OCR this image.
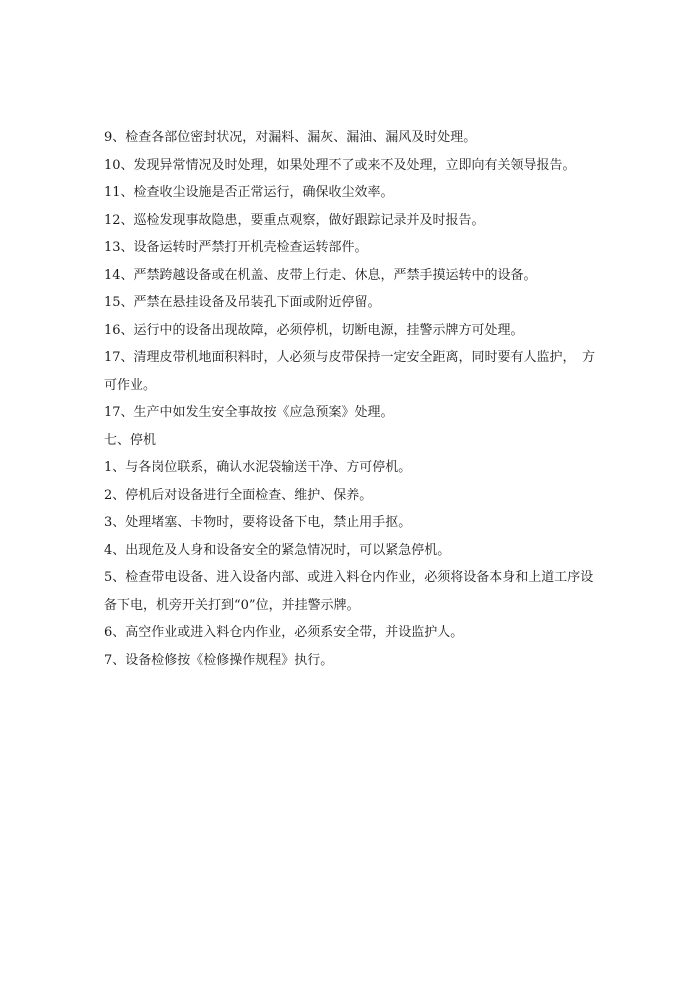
9、检查各部位密封状况，对漏料、漏灰、漏油、漏风及时处理。

10、发现异常情况及时处理，如果处理不了或来不及处理，立即向有关领导报告。

11、检查收尘设施是否正常运行，确保收尘效率。

12、巡检发现事故隐患，要重点观察，做好跟踪记录并及时报告。

13、设备运转时严禁打开机壳检查运转部件。

14、严禁跨越设备或在机盖、皮带上行走、休息，严禁手摸运转中的设备。

15、严禁在悬挂设备及吊装孔下面或附近停留。

16、运行中的设备出现故障，必须停机，切断电源，挂警示牌方可处理。

17、清理皮带机地面积料时，人必须与皮带保持一定安全距离，同时要有人监护，　方可作业。

17、生产中如发生安全事故按《应急预案》处理。

七、停机

1、与各岗位联系，确认水泥袋输送干净、方可停机。

2、停机后对设备进行全面检查、维护、保养。

3、处理堵塞、卡物时，要将设备下电，禁止用手抠。

4、出现危及人身和设备安全的紧急情况时，可以紧急停机。

5、检查带电设备、进入设备内部、或进入料仓内作业，必须将设备本身和上道工序设备下电，机旁开关打到“0”位，并挂警示牌。

6、高空作业或进入料仓内作业，必须系安全带，并设监护人。

7、设备检修按《检修操作规程》执行。
